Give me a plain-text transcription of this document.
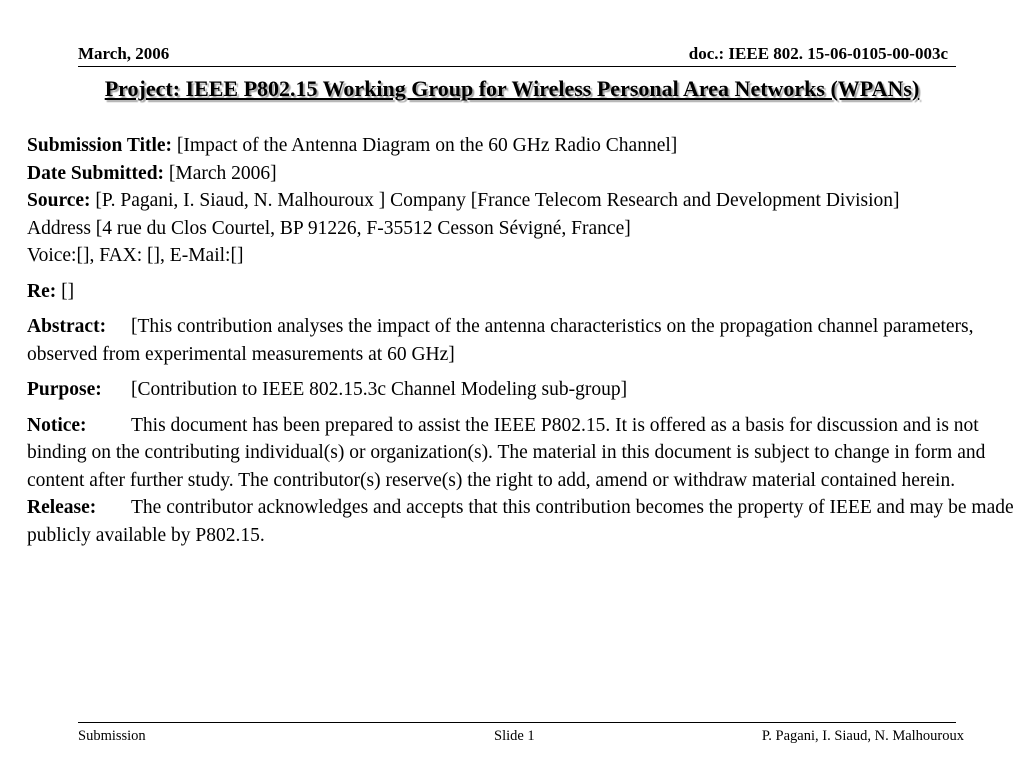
March, 2006	doc.: IEEE 802. 15-06-0105-00-003c
Project: IEEE P802.15 Working Group for Wireless Personal Area Networks (WPANs)

Submission Title: [Impact of the Antenna Diagram on the 60 GHz Radio Channel]

Date Submitted: [March 2006]

Source: [P. Pagani, I. Siaud, N. Malhouroux ] Company [France Telecom Research and Development Division]

Address [4 rue du Clos Courtel, BP 91226, F-35512 Cesson Sévigné, France]

Voice:[], FAX: [], E-Mail:[]

Re: []

Abstract: [This contribution analyses the impact of the antenna characteristics on the propagation channel parameters, observed from experimental measurements at 60 GHz]

Purpose: [Contribution to IEEE 802.15.3c Channel Modeling sub-group]

Notice: This document has been prepared to assist the IEEE P802.15. It is offered as a basis for discussion and is not binding on the contributing individual(s) or organization(s). The material in this document is subject to change in form and content after further study. The contributor(s) reserve(s) the right to add, amend or withdraw material contained herein.

Release: The contributor acknowledges and accepts that this contribution becomes the property of IEEE and may be made publicly available by P802.15.

Submission	Slide 1	P. Pagani, I. Siaud, N. Malhouroux
